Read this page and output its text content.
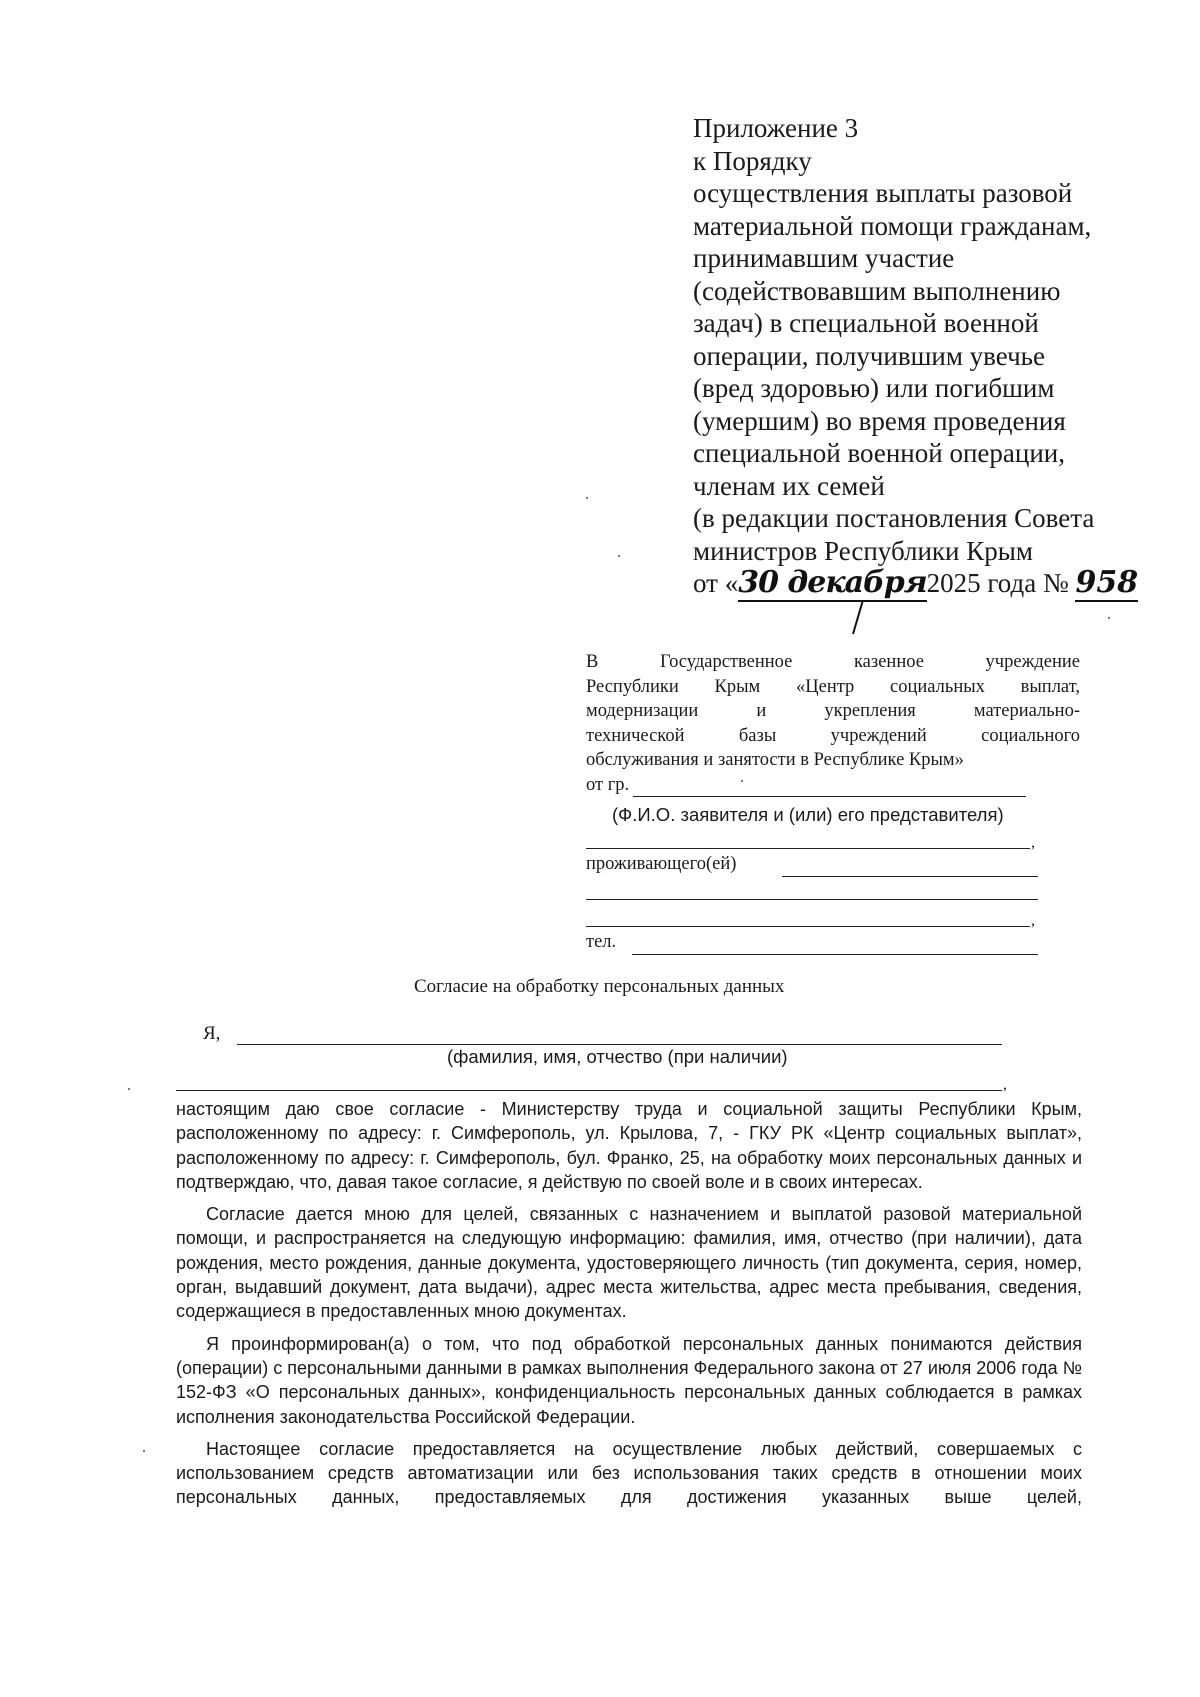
Приложение 3
к Порядку
осуществления выплаты разовой
материальной помощи гражданам,
принимавшим участие
(содействовавшим выполнению
задач) в специальной военной
операции, получившим увечье
(вред здоровью) или погибшим
(умершим) во время проведения
специальной военной операции,
членам их семей
(в редакции постановления Совета
министров Республики Крым
от «30 декабря2025 года № 958
В Государственное казенное учреждение
Республики Крым «Центр социальных выплат,
модернизации и укрепления материально-
технической базы учреждений социального
обслуживания и занятости в Республике Крым»
от гр.
(Ф.И.О. заявителя и (или) его представителя)
,
проживающего(ей)
,
тел.
Согласие на обработку персональных данных
Я,
(фамилия, имя, отчество (при наличии)
,

настоящим даю свое согласие - Министерству труда и социальной защиты Республики Крым, расположенному по адресу: г. Симферополь, ул. Крылова, 7, - ГКУ РК «Центр социальных выплат», расположенному по адресу: г. Симферополь, бул. Франко, 25, на обработку моих персональных данных и подтверждаю, что, давая такое согласие, я действую по своей воле и в своих интересах.

Согласие дается мною для целей, связанных с назначением и выплатой разовой материальной помощи, и распространяется на следующую информацию: фамилия, имя, отчество (при наличии), дата рождения, место рождения, данные документа, удостоверяющего личность (тип документа, серия, номер, орган, выдавший документ, дата выдачи), адрес места жительства, адрес места пребывания, сведения, содержащиеся в предоставленных мною документах.

Я проинформирован(а) о том, что под обработкой персональных данных понимаются действия (операции) с персональными данными в рамках выполнения Федерального закона от 27 июля 2006 года № 152-ФЗ «О персональных данных», конфиденциальность персональных данных соблюдается в рамках исполнения законодательства Российской Федерации.

Настоящее согласие предоставляется на осуществление любых действий, совершаемых с использованием средств автоматизации или без использования таких средств в отношении моих персональных данных, предоставляемых для достижения указанных выше целей,
